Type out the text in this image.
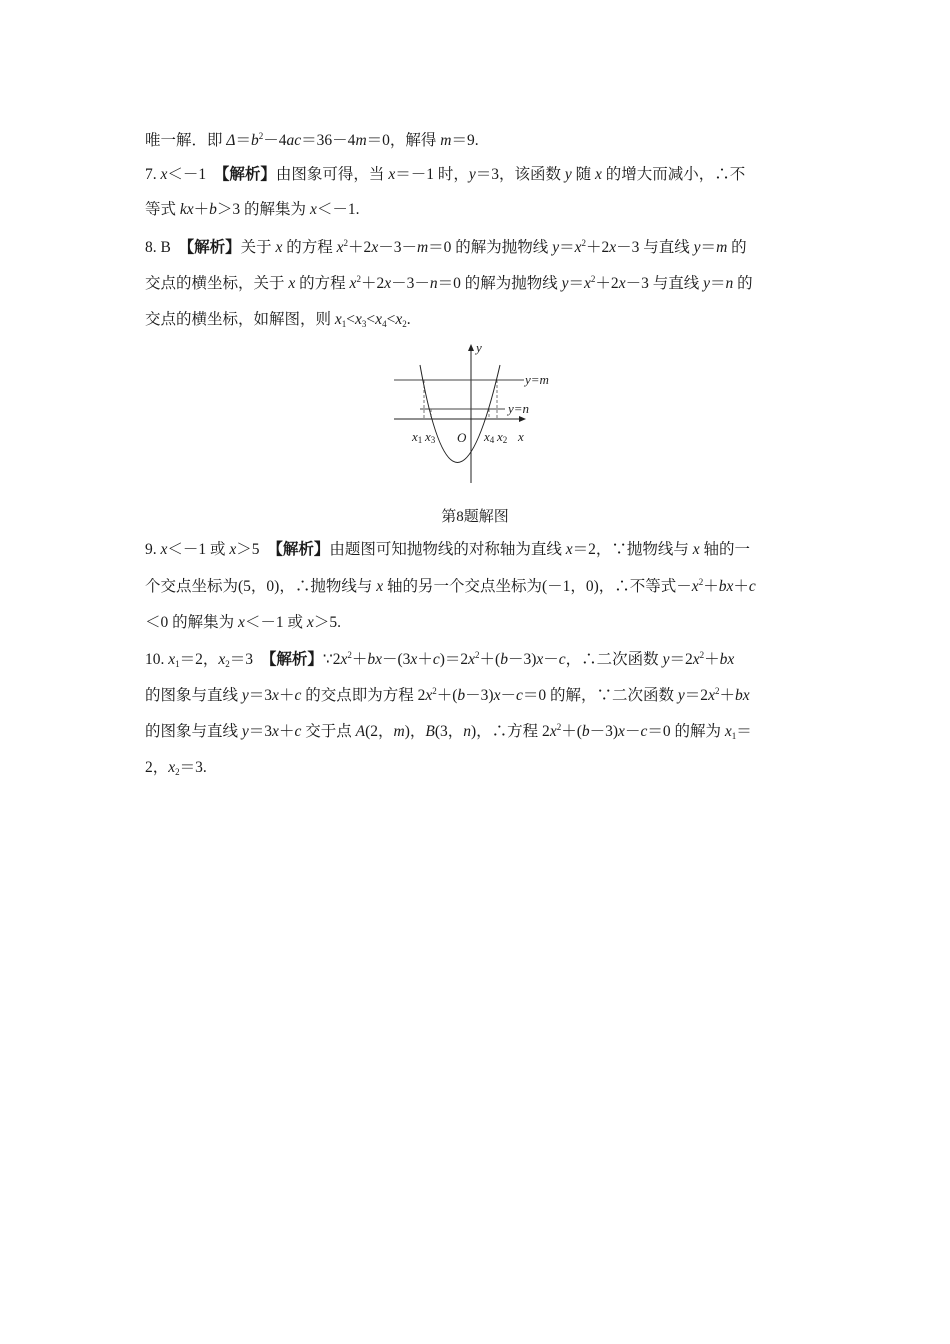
唯一解．即 $\Delta=b^2-4ac=36-4m=0$，解得 m＝9.
7. x＜－1　【解析】由图象可得，当 x＝－1 时，y＝3，该函数 y 随 x 的增大而减小，∴不
等式 kx＋b＞3 的解集为 x＜－1.
8. B　【解析】关于 x 的方程 $x^2+2x-3-m=0$ 的解为抛物线 $y=x^2+2x-3$ 与直线 y＝m 的
交点的横坐标，关于 x 的方程 $x^2+2x-3-n=0$ 的解为抛物线 $y=x^2+2x-3$ 与直线 y＝n 的
交点的横坐标，如解图，则 $x_1<x_3<x_4<x_2$.
y
x
O
y=m
y=n
x1 x3	x4 x2
第8题解图
9. x＜－1 或 x＞5　【解析】由题图可知抛物线的对称轴为直线 x＝2，∵抛物线与 x 轴的一
个交点坐标为(5，0)，∴抛物线与 x 轴的另一个交点坐标为(－1，0)，∴不等式$-x^2+bx+c$
＜0 的解集为 x＜－1 或 x＞5.
10. $x_1=2$，$x_2=3$　【解析】$\because 2x^2+bx-(3x+c)=2x^2+(b-3)x-c$，∴二次函数 $y=2x^2+bx$
的图象与直线 y＝3x＋c 的交点即为方程 $2x^2+(b-3)x-c=0$ 的解，∵二次函数 $y=2x^2+bx$
的图象与直线 y＝3x＋c 交于点 A(2，m)，B(3，n)，∴方程 $2x^2+(b-3)x-c=0$ 的解为 $x_1=$
2，$x_2=3$.
